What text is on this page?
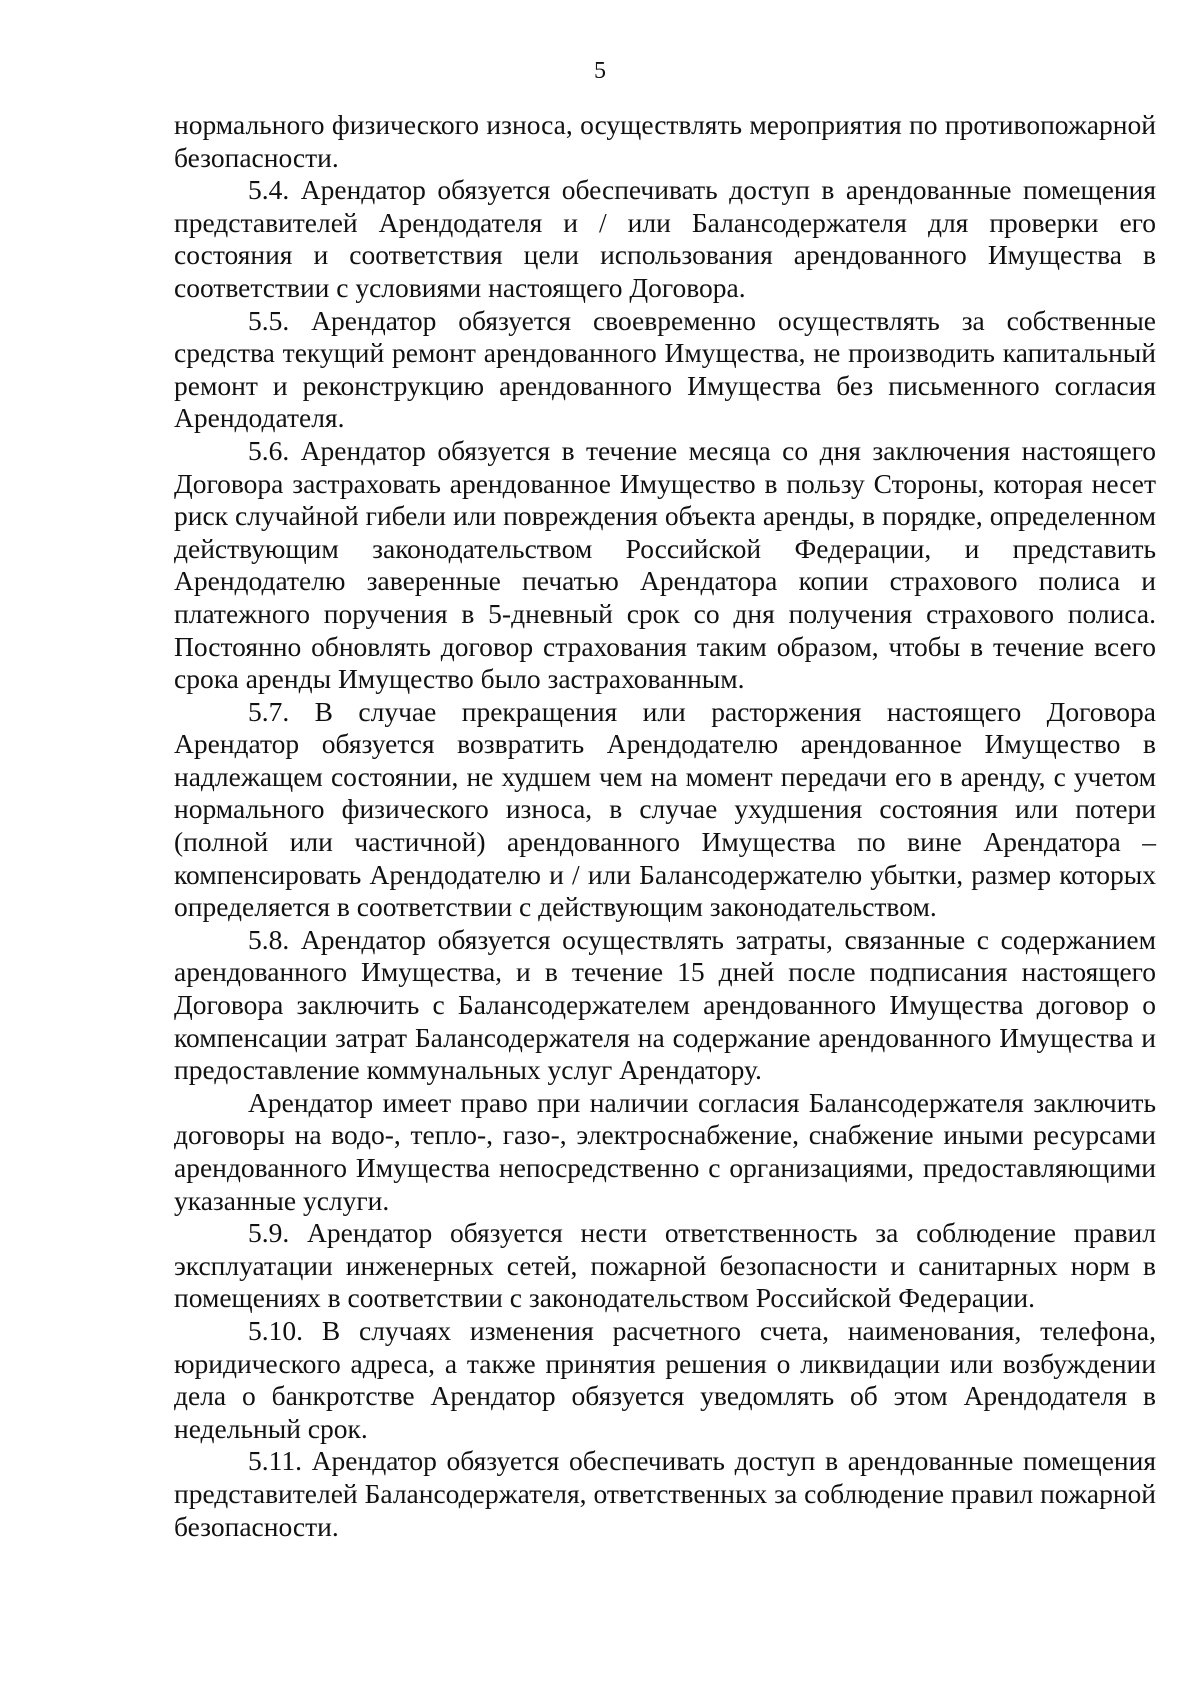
5

нормального физического износа, осуществлять мероприятия по противопожарной безопасности.

5.4. Арендатор обязуется обеспечивать доступ в арендованные помещения представителей Арендодателя и / или Балансодержателя для проверки его состояния и соответствия цели использования арендованного Имущества в соответствии с условиями настоящего Договора.

5.5. Арендатор обязуется своевременно осуществлять за собственные средства текущий ремонт арендованного Имущества, не производить капитальный ремонт и реконструкцию арендованного Имущества без письменного согласия Арендодателя.

5.6. Арендатор обязуется в течение месяца со дня заключения настоящего Договора застраховать арендованное Имущество в пользу Стороны, которая несет риск случайной гибели или повреждения объекта аренды, в порядке, определенном действующим законодательством Российской Федерации, и представить Арендодателю заверенные печатью Арендатора копии страхового полиса и платежного поручения в 5-дневный срок со дня получения страхового полиса. Постоянно обновлять договор страхования таким образом, чтобы в течение всего срока аренды Имущество было застрахованным.

5.7. В случае прекращения или расторжения настоящего Договора Арендатор обязуется возвратить Арендодателю арендованное Имущество в надлежащем состоянии, не худшем чем на момент передачи его в аренду, с учетом нормального физического износа, в случае ухудшения состояния или потери (полной или частичной) арендованного Имущества по вине Арендатора – компенсировать Арендодателю и / или Балансодержателю убытки, размер которых определяется в соответствии с действующим законодательством.

5.8. Арендатор обязуется осуществлять затраты, связанные с содержанием арендованного Имущества, и в течение 15 дней после подписания настоящего Договора заключить с Балансодержателем арендованного Имущества договор о компенсации затрат Балансодержателя на содержание арендованного Имущества и предоставление коммунальных услуг Арендатору.

Арендатор имеет право при наличии согласия Балансодержателя заключить договоры на водо-, тепло-, газо-, электроснабжение, снабжение иными ресурсами арендованного Имущества непосредственно с организациями, предоставляющими указанные услуги.

5.9. Арендатор обязуется нести ответственность за соблюдение правил эксплуатации инженерных сетей, пожарной безопасности и санитарных норм в помещениях в соответствии с законодательством Российской Федерации.

5.10. В случаях изменения расчетного счета, наименования, телефона, юридического адреса, а также принятия решения о ликвидации или возбуждении дела о банкротстве Арендатор обязуется уведомлять об этом Арендодателя в недельный срок.

5.11. Арендатор обязуется обеспечивать доступ в арендованные помещения представителей Балансодержателя, ответственных за соблюдение правил пожарной безопасности.
